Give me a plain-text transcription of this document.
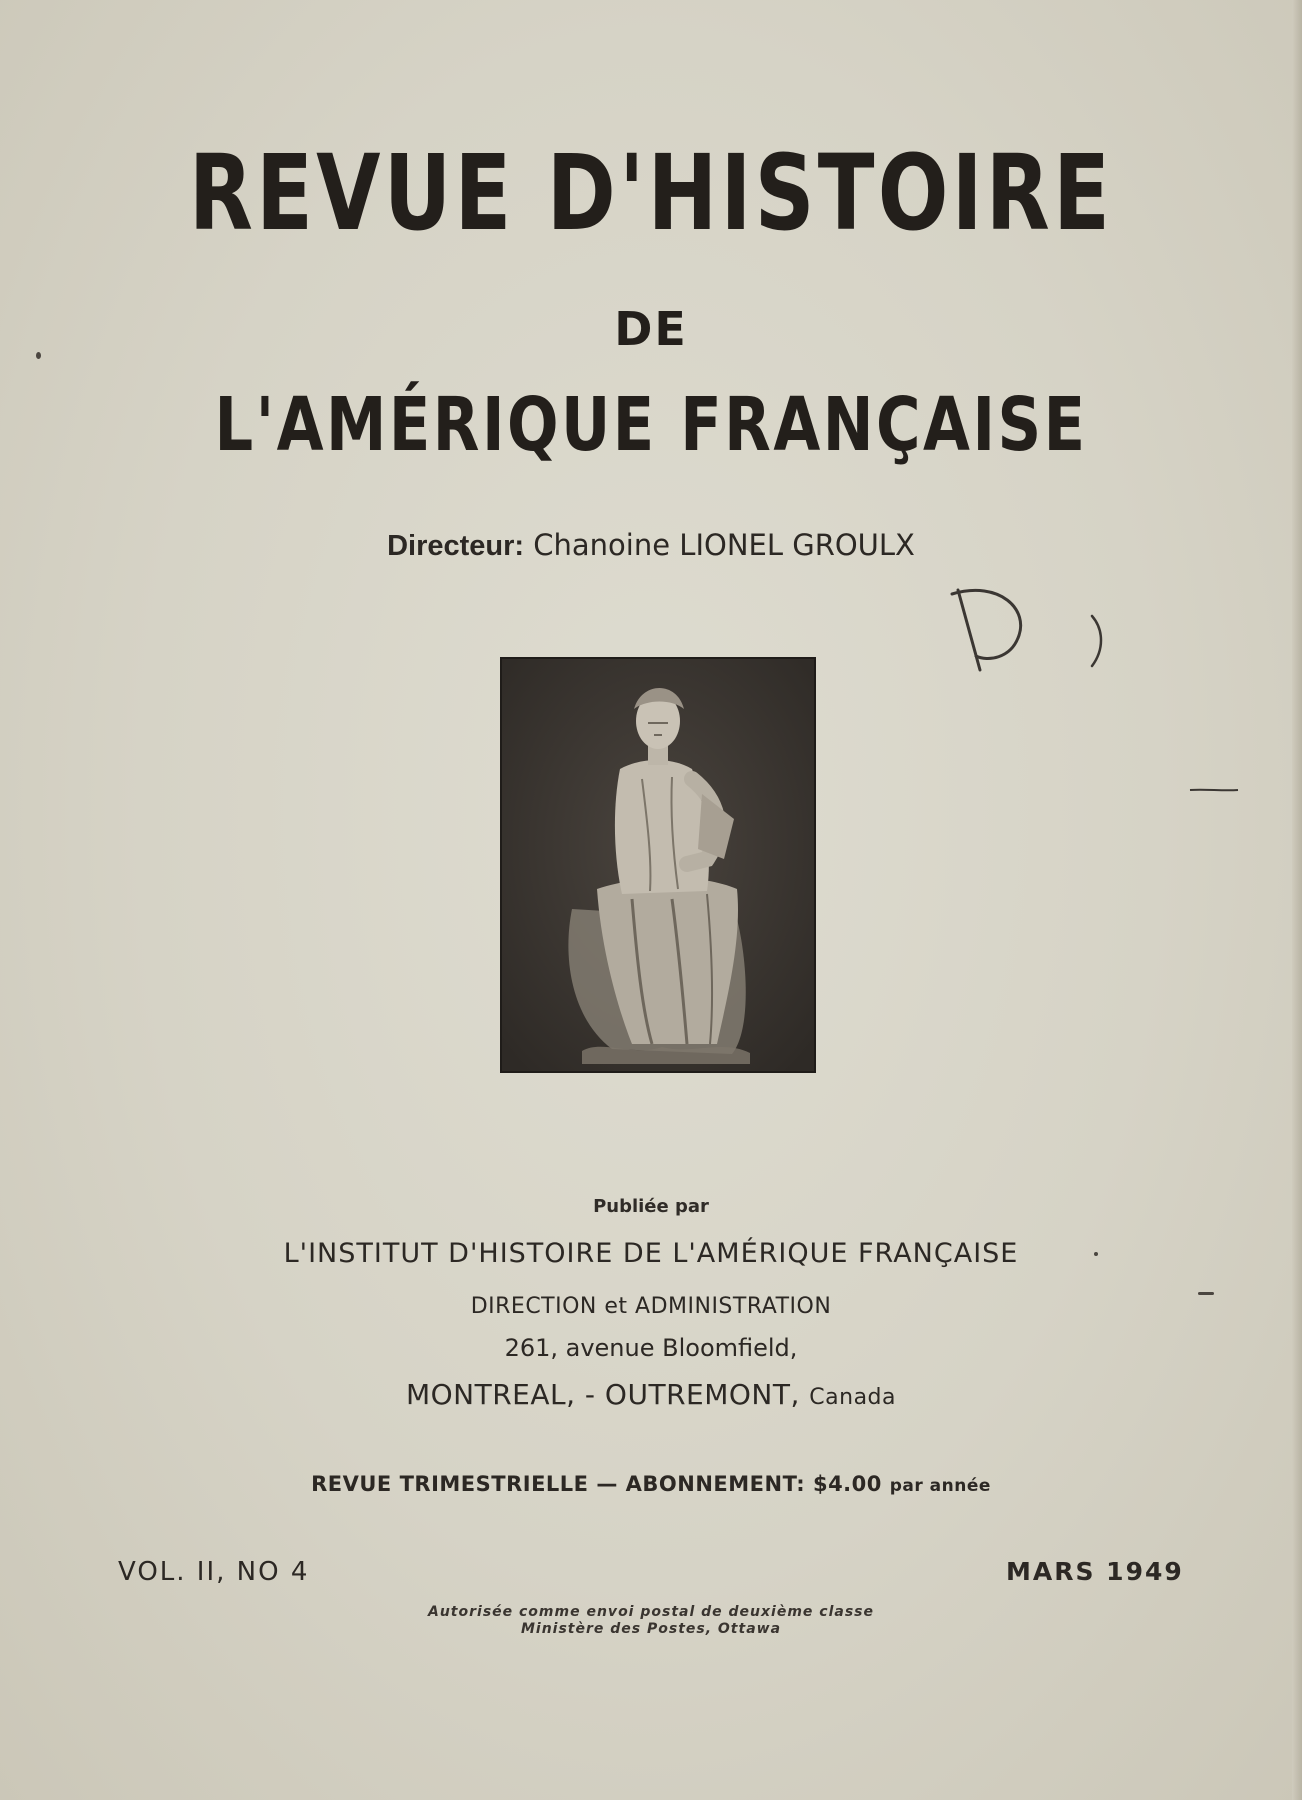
REVUE D'HISTOIRE
DE
L'AMÉRIQUE FRANÇAISE
Directeur: Chanoine LIONEL GROULX
Publiée par
L'INSTITUT D'HISTOIRE DE L'AMÉRIQUE FRANÇAISE
DIRECTION et ADMINISTRATION
261, avenue Bloomfield,
MONTREAL, - OUTREMONT, Canada
REVUE TRIMESTRIELLE — ABONNEMENT: $4.00 par année
VOL. II, NO 4	MARS 1949
Autorisée comme envoi postal de deuxième classe
Ministère des Postes, Ottawa
